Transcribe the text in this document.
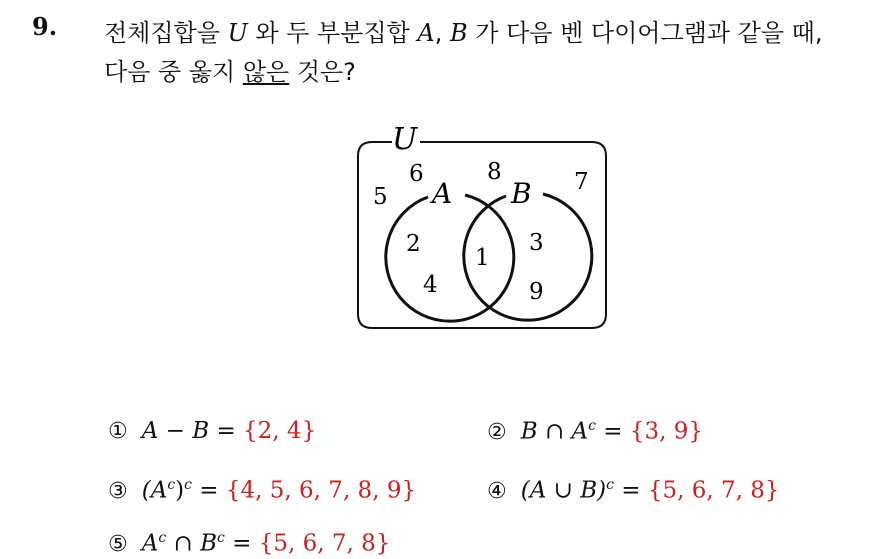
9. 전체집합을 U 와 두 부분집합 A, B 가 다음 벤 다이어그램과 같을 때,
다음 중 옳지 않은 것은?
U
A B
5
6	8	7
2
4
1
3
9
① A − B = {2, 4}	② B ∩ $A^c = \{3$, 9}
③ $(A^c)^c = \{4$, 5, 6, 7, 8, 9}	④ (A ∪ B)$^c$ = {5, 6, 7, 8}
⑤ $A^c$ ∩ $B^c = \{5$, 6, 7, 8}
